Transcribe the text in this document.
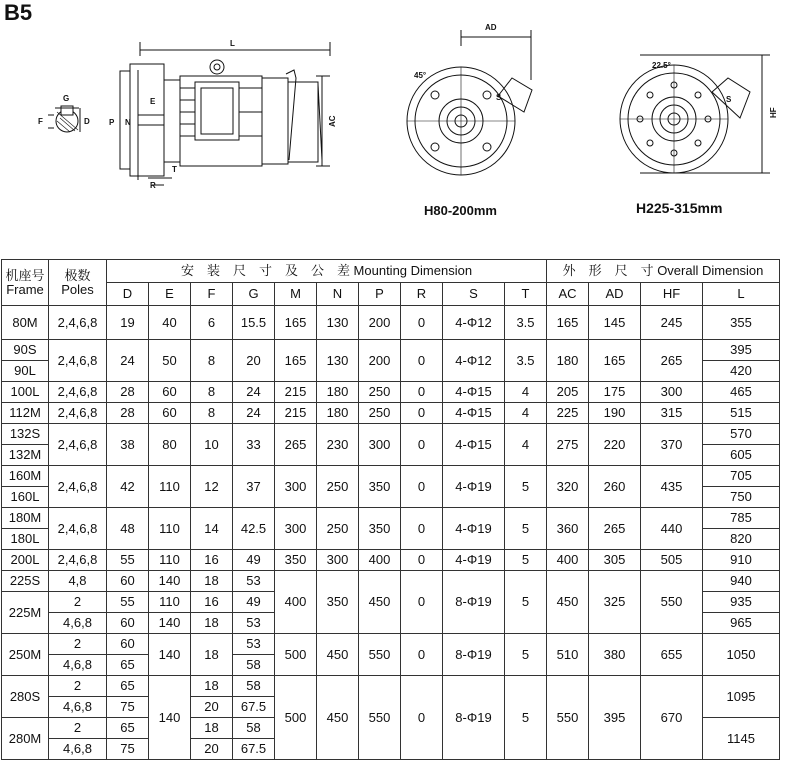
B5
G
D
F
L
P N
E
T
R
AC
45°
AD
S
22.5°
S
HF
H80-200mm	H225-315mm
机座号
Frame	极数
Poles	安　装　尺　寸　及　公　差 Mounting Dimension										外　形　尺　寸 Overall Dimension			
		D	E	F	G	M	N	P	R	S	T	AC	AD	HF	L
80M	2,4,6,8	19	40	6	15.5	165	130	200	0	4-Φ12	3.5	165	145	245	355
90S	2,4,6,8	24	50	8	20	165	130	200	0	4-Φ12	3.5	180	165	265	395
90L															420
100L	2,4,6,8	28	60	8	24	215	180	250	0	4-Φ15	4	205	175	300	465
112M	2,4,6,8	28	60	8	24	215	180	250	0	4-Φ15	4	225	190	315	515
132S	2,4,6,8	38	80	10	33	265	230	300	0	4-Φ15	4	275	220	370	570
132M															605
160M	2,4,6,8	42	110	12	37	300	250	350	0	4-Φ19	5	320	260	435	705
160L															750
180M	2,4,6,8	48	110	14	42.5	300	250	350	0	4-Φ19	5	360	265	440	785
180L															820
200L	2,4,6,8	55	110	16	49	350	300	400	0	4-Φ19	5	400	305	505	910
225S	4,8	60	140	18	53	400	350	450	0	8-Φ19	5	450	325	550	940
225M	2	55	110	16	49										935
	4,6,8	60	140	18	53										965
250M	2	60	140	18	53	500	450	550	0	8-Φ19	5	510	380	655	1050
	4,6,8	65			58										
280S	2	65	140	18	58	500	450	550	0	8-Φ19	5	550	395	670	1095
	4,6,8	75		20	67.5										
280M	2	65		18	58										1145
	4,6,8	75		20	67.5										
